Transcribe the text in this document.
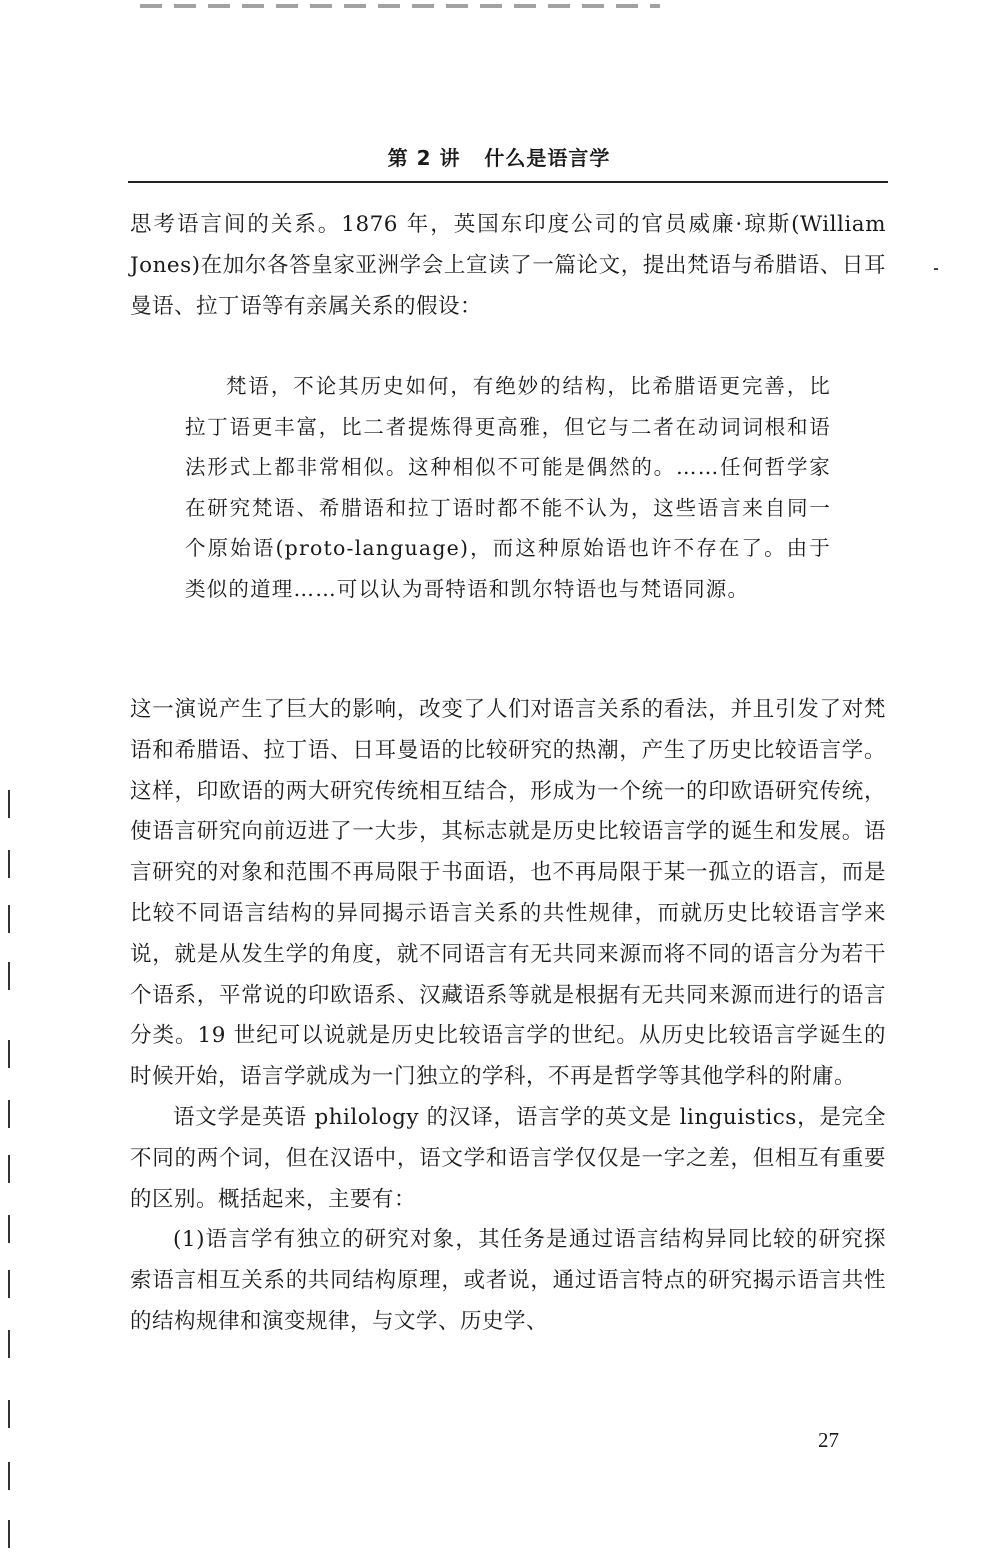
第 2 讲   什么是语言学

思考语言间的关系。1876 年，英国东印度公司的官员威廉·琼斯(William Jones)在加尔各答皇家亚洲学会上宣读了一篇论文，提出梵语与希腊语、日耳曼语、拉丁语等有亲属关系的假设：

梵语，不论其历史如何，有绝妙的结构，比希腊语更完善，比拉丁语更丰富，比二者提炼得更高雅，但它与二者在动词词根和语法形式上都非常相似。这种相似不可能是偶然的。……任何哲学家在研究梵语、希腊语和拉丁语时都不能不认为，这些语言来自同一个原始语(proto-language)，而这种原始语也许不存在了。由于类似的道理……可以认为哥特语和凯尔特语也与梵语同源。

这一演说产生了巨大的影响，改变了人们对语言关系的看法，并且引发了对梵语和希腊语、拉丁语、日耳曼语的比较研究的热潮，产生了历史比较语言学。这样，印欧语的两大研究传统相互结合，形成为一个统一的印欧语研究传统，使语言研究向前迈进了一大步，其标志就是历史比较语言学的诞生和发展。语言研究的对象和范围不再局限于书面语，也不再局限于某一孤立的语言，而是比较不同语言结构的异同揭示语言关系的共性规律，而就历史比较语言学来说，就是从发生学的角度，就不同语言有无共同来源而将不同的语言分为若干个语系，平常说的印欧语系、汉藏语系等就是根据有无共同来源而进行的语言分类。19 世纪可以说就是历史比较语言学的世纪。从历史比较语言学诞生的时候开始，语言学就成为一门独立的学科，不再是哲学等其他学科的附庸。

语文学是英语 philology 的汉译，语言学的英文是 linguistics，是完全不同的两个词，但在汉语中，语文学和语言学仅仅是一字之差，但相互有重要的区别。概括起来，主要有：

(1)语言学有独立的研究对象，其任务是通过语言结构异同比较的研究探索语言相互关系的共同结构原理，或者说，通过语言特点的研究揭示语言共性的结构规律和演变规律，与文学、历史学、

27
